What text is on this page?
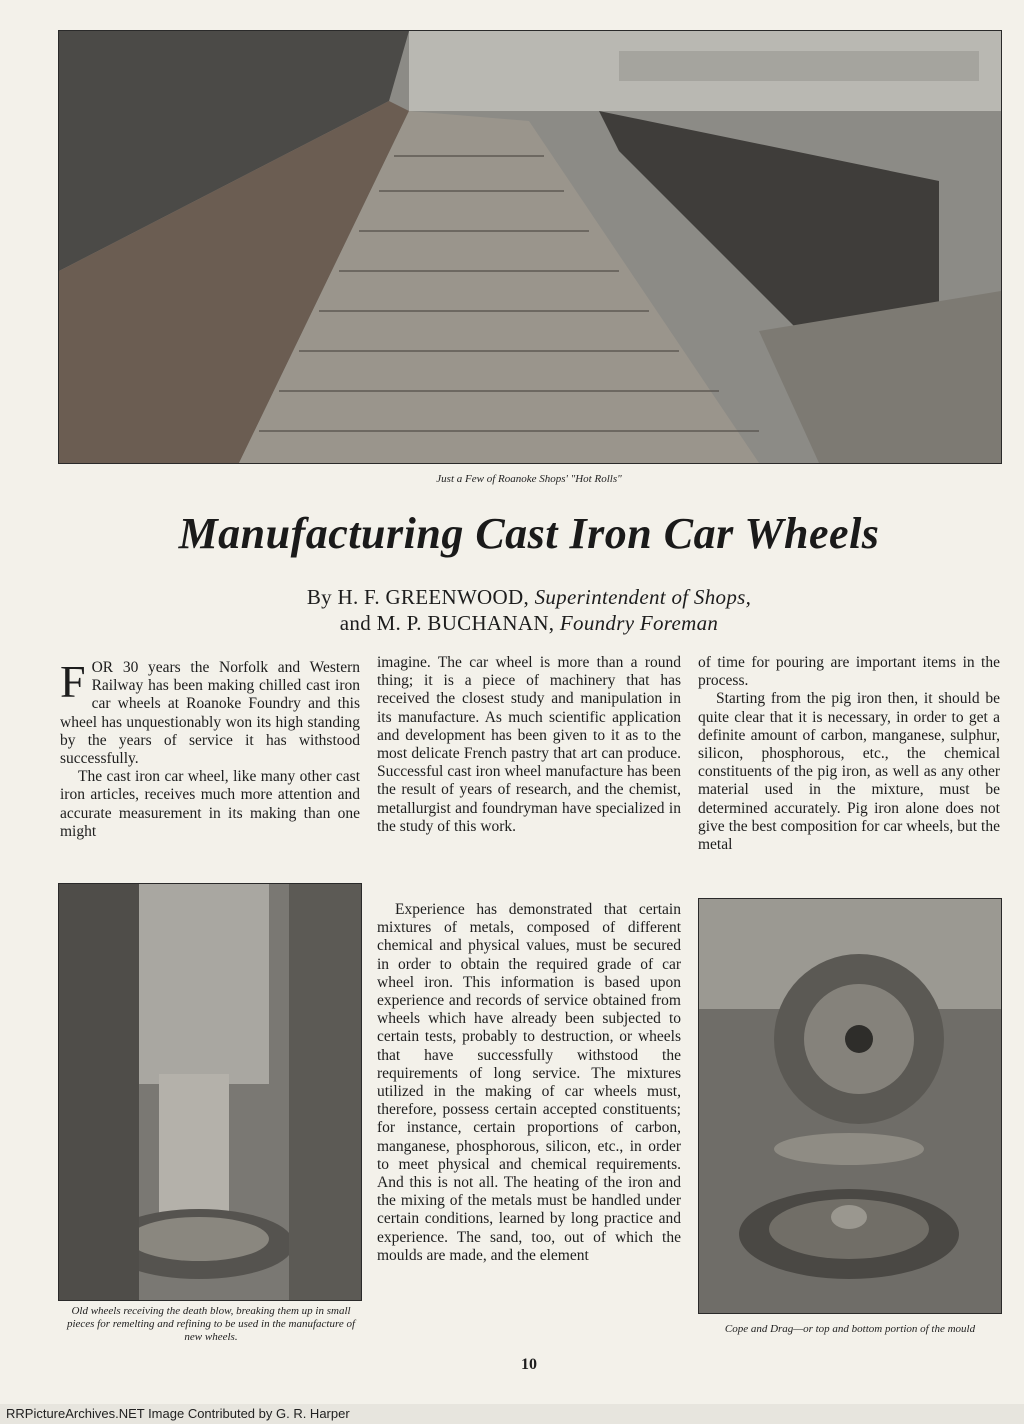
Just a Few of Roanoke Shops' "Hot Rolls"
Manufacturing Cast Iron Car Wheels
By H. F. GREENWOOD, Superintendent of Shops,
and M. P. BUCHANAN, Foundry Foreman

FOR 30 years the Norfolk and Western Railway has been making chilled cast iron car wheels at Roanoke Foundry and this wheel has unquestionably won its high standing by the years of service it has withstood successfully.

The cast iron car wheel, like many other cast iron articles, receives much more attention and accurate measurement in its making than one might

Old wheels receiving the death blow, breaking them up in small pieces for remelting and refining to be used in the manufacture of new wheels.

imagine. The car wheel is more than a round thing; it is a piece of machinery that has received the closest study and manipulation in its manufacture. As much scientific application and development has been given to it as to the most delicate French pastry that art can produce. Successful cast iron wheel manufacture has been the result of years of research, and the chemist, metallurgist and foundryman have specialized in the study of this work.

Experience has demonstrated that certain mixtures of metals, composed of different chemical and physical values, must be secured in order to obtain the required grade of car wheel iron. This information is based upon experience and records of service obtained from wheels which have already been subjected to certain tests, probably to destruction, or wheels that have successfully withstood the requirements of long service. The mixtures utilized in the making of car wheels must, therefore, possess certain accepted constituents; for instance, certain proportions of carbon, manganese, phosphorous, silicon, etc., in order to meet physical and chemical requirements. And this is not all. The heating of the iron and the mixing of the metals must be handled under certain conditions, learned by long practice and experience. The sand, too, out of which the moulds are made, and the element

of time for pouring are important items in the process.

Starting from the pig iron then, it should be quite clear that it is necessary, in order to get a definite amount of carbon, manganese, sulphur, silicon, phosphorous, etc., the chemical constituents of the pig iron, as well as any other material used in the mixture, must be determined accurately. Pig iron alone does not give the best composition for car wheels, but the metal

Cope and Drag—or top and bottom portion of the mould
10
RRPictureArchives.NET Image Contributed by G. R. Harper
